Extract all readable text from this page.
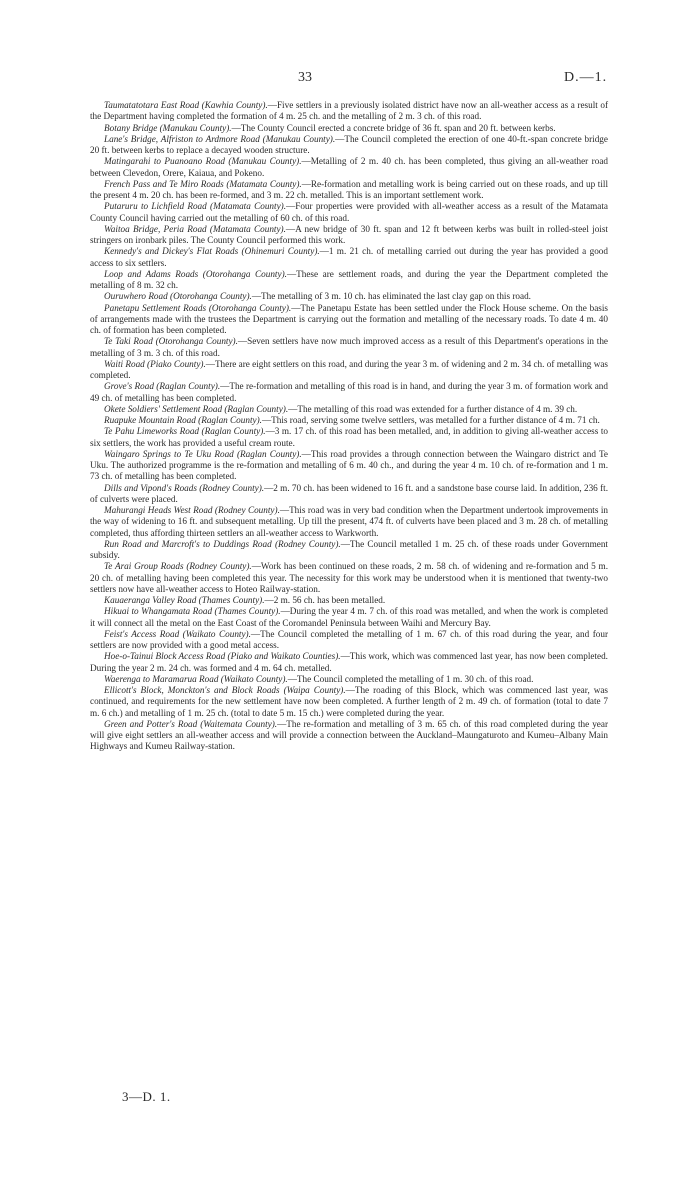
33	D.—1.

Taumatatotara East Road (Kawhia County).—Five settlers in a previously isolated district have now an all-weather access as a result of the Department having completed the formation of 4 m. 25 ch. and the metalling of 2 m. 3 ch. of this road.

Botany Bridge (Manukau County).—The County Council erected a concrete bridge of 36 ft. span and 20 ft. between kerbs.

Lane's Bridge, Alfriston to Ardmore Road (Manukau County).—The Council completed the erection of one 40-ft.-span concrete bridge 20 ft. between kerbs to replace a decayed wooden structure.

Matingarahi to Puanoano Road (Manukau County).—Metalling of 2 m. 40 ch. has been completed, thus giving an all-weather road between Clevedon, Orere, Kaiaua, and Pokeno.

French Pass and Te Miro Roads (Matamata County).—Re-formation and metalling work is being carried out on these roads, and up till the present 4 m. 20 ch. has been re-formed, and 3 m. 22 ch. metalled. This is an important settlement work.

Putaruru to Lichfield Road (Matamata County).—Four properties were provided with all-weather access as a result of the Matamata County Council having carried out the metalling of 60 ch. of this road.

Waitoa Bridge, Peria Road (Matamata County).—A new bridge of 30 ft. span and 12 ft between kerbs was built in rolled-steel joist stringers on ironbark piles. The County Council performed this work.

Kennedy's and Dickey's Flat Roads (Ohinemuri County).—1 m. 21 ch. of metalling carried out during the year has provided a good access to six settlers.

Loop and Adams Roads (Otorohanga County).—These are settlement roads, and during the year the Department completed the metalling of 8 m. 32 ch.

Ouruwhero Road (Otorohanga County).—The metalling of 3 m. 10 ch. has eliminated the last clay gap on this road.

Panetapu Settlement Roads (Otorohanga County).—The Panetapu Estate has been settled under the Flock House scheme. On the basis of arrangements made with the trustees the Department is carrying out the formation and metalling of the necessary roads. To date 4 m. 40 ch. of formation has been completed.

Te Taki Road (Otorohanga County).—Seven settlers have now much improved access as a result of this Department's operations in the metalling of 3 m. 3 ch. of this road.

Waiti Road (Piako County).—There are eight settlers on this road, and during the year 3 m. of widening and 2 m. 34 ch. of metalling was completed.

Grove's Road (Raglan County).—The re-formation and metalling of this road is in hand, and during the year 3 m. of formation work and 49 ch. of metalling has been completed.

Okete Soldiers' Settlement Road (Raglan County).—The metalling of this road was extended for a further distance of 4 m. 39 ch.

Ruapuke Mountain Road (Raglan County).—This road, serving some twelve settlers, was metalled for a further distance of 4 m. 71 ch.

Te Pahu Limeworks Road (Raglan County).—3 m. 17 ch. of this road has been metalled, and, in addition to giving all-weather access to six settlers, the work has provided a useful cream route.

Waingaro Springs to Te Uku Road (Raglan County).—This road provides a through connection between the Waingaro district and Te Uku. The authorized programme is the re-formation and metalling of 6 m. 40 ch., and during the year 4 m. 10 ch. of re-formation and 1 m. 73 ch. of metalling has been completed.

Dills and Vipond's Roads (Rodney County).—2 m. 70 ch. has been widened to 16 ft. and a sandstone base course laid. In addition, 236 ft. of culverts were placed.

Mahurangi Heads West Road (Rodney County).—This road was in very bad condition when the Department undertook improvements in the way of widening to 16 ft. and subsequent metalling. Up till the present, 474 ft. of culverts have been placed and 3 m. 28 ch. of metalling completed, thus affording thirteen settlers an all-weather access to Warkworth.

Run Road and Marcroft's to Duddings Road (Rodney County).—The Council metalled 1 m. 25 ch. of these roads under Government subsidy.

Te Arai Group Roads (Rodney County).—Work has been continued on these roads, 2 m. 58 ch. of widening and re-formation and 5 m. 20 ch. of metalling having been completed this year. The necessity for this work may be understood when it is mentioned that twenty-two settlers now have all-weather access to Hoteo Railway-station.

Kauaeranga Valley Road (Thames County).—2 m. 56 ch. has been metalled.

Hikuai to Whangamata Road (Thames County).—During the year 4 m. 7 ch. of this road was metalled, and when the work is completed it will connect all the metal on the East Coast of the Coromandel Peninsula between Waihi and Mercury Bay.

Feist's Access Road (Waikato County).—The Council completed the metalling of 1 m. 67 ch. of this road during the year, and four settlers are now provided with a good metal access.

Hoe-o-Tainui Block Access Road (Piako and Waikato Counties).—This work, which was commenced last year, has now been completed. During the year 2 m. 24 ch. was formed and 4 m. 64 ch. metalled.

Waerenga to Maramarua Road (Waikato County).—The Council completed the metalling of 1 m. 30 ch. of this road.

Ellicott's Block, Monckton's and Block Roads (Waipa County).—The roading of this Block, which was commenced last year, was continued, and requirements for the new settlement have now been completed. A further length of 2 m. 49 ch. of formation (total to date 7 m. 6 ch.) and metalling of 1 m. 25 ch. (total to date 5 m. 15 ch.) were completed during the year.

Green and Potter's Road (Waitemata County).—The re-formation and metalling of 3 m. 65 ch. of this road completed during the year will give eight settlers an all-weather access and will provide a connection between the Auckland–Maungaturoto and Kumeu–Albany Main Highways and Kumeu Railway-station.

3—D. 1.
